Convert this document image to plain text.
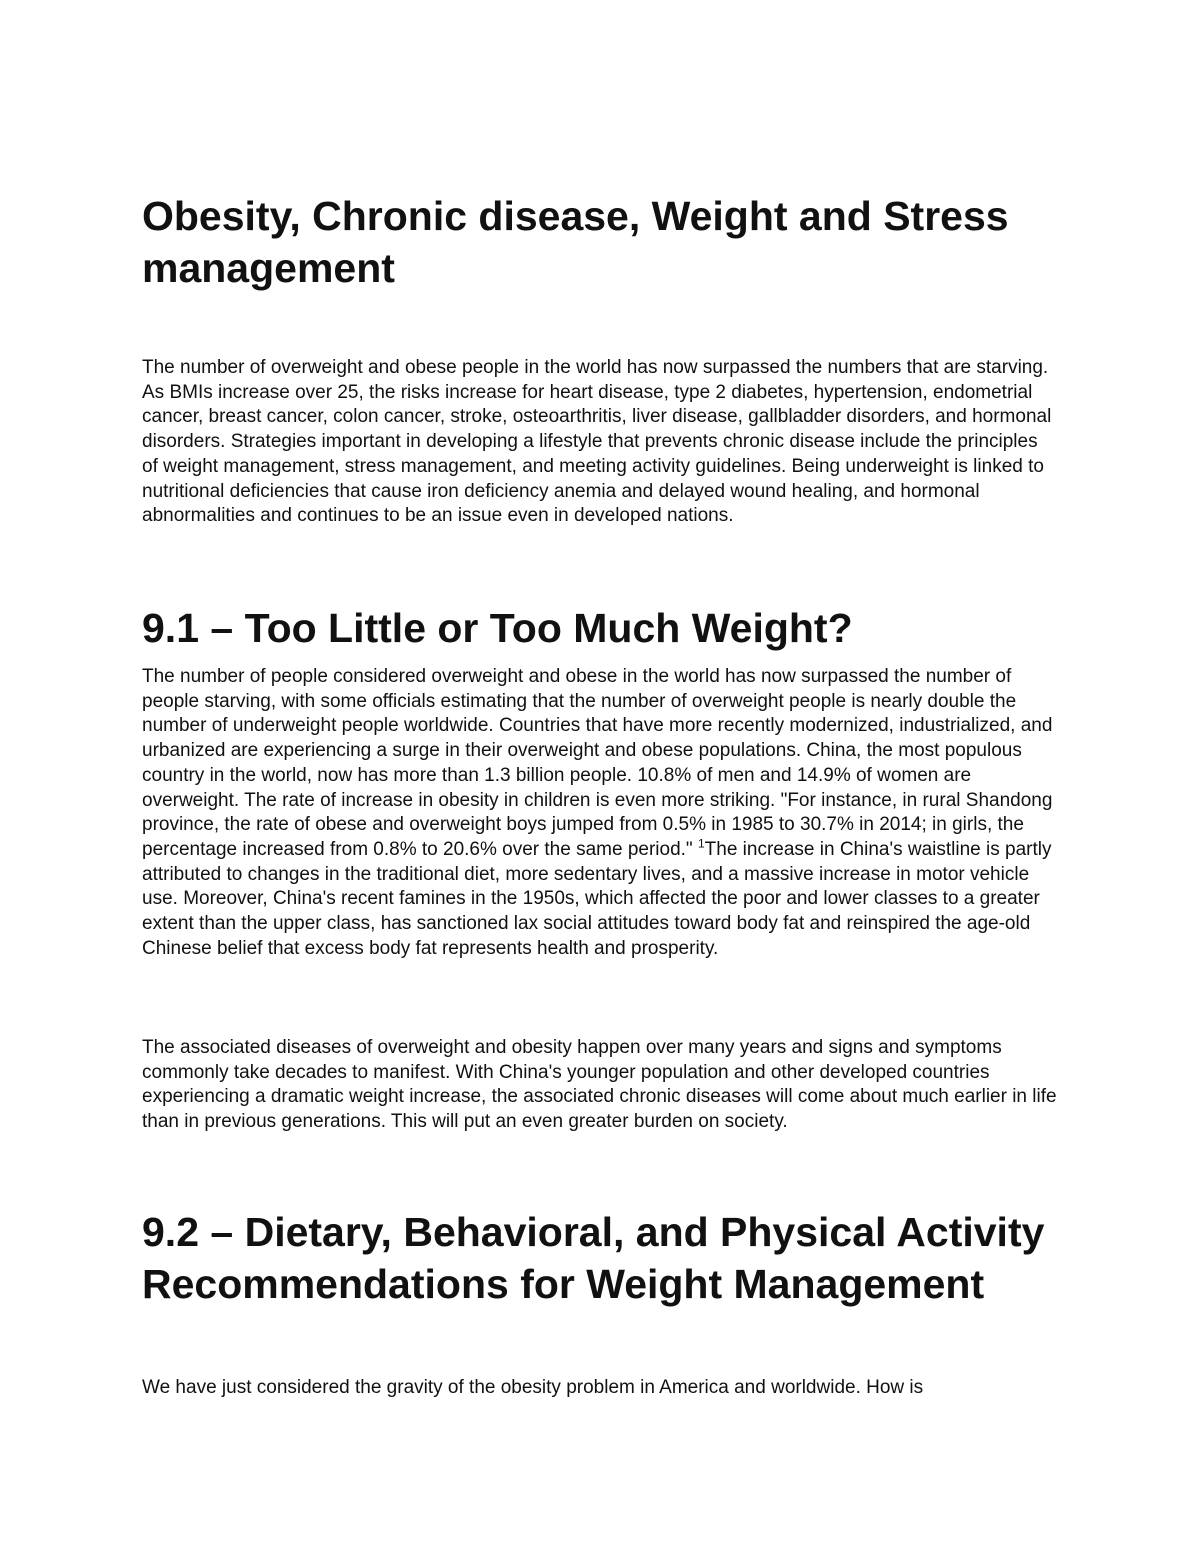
Obesity, Chronic disease, Weight and Stress management

The number of overweight and obese people in the world has now surpassed the numbers that are starving. As BMIs increase over 25, the risks increase for heart disease, type 2 diabetes, hypertension, endometrial cancer, breast cancer, colon cancer, stroke, osteoarthritis, liver disease, gallbladder disorders, and hormonal disorders. Strategies important in developing a lifestyle that prevents chronic disease include the principles of weight management, stress management, and meeting activity guidelines. Being underweight is linked to nutritional deficiencies that cause iron deficiency anemia and delayed wound healing, and hormonal abnormalities and continues to be an issue even in developed nations.

9.1 – Too Little or Too Much Weight?

The number of people considered overweight and obese in the world has now surpassed the number of people starving, with some officials estimating that the number of overweight people is nearly double the number of underweight people worldwide. Countries that have more recently modernized, industrialized, and urbanized are experiencing a surge in their overweight and obese populations. China, the most populous country in the world, now has more than 1.3 billion people. 10.8% of men and 14.9% of women are overweight. The rate of increase in obesity in children is even more striking. "For instance, in rural Shandong province, the rate of obese and overweight boys jumped from 0.5% in 1985 to 30.7% in 2014; in girls, the percentage increased from 0.8% to 20.6% over the same period." $^1$The increase in China's waistline is partly attributed to changes in the traditional diet, more sedentary lives, and a massive increase in motor vehicle use. Moreover, China's recent famines in the 1950s, which affected the poor and lower classes to a greater extent than the upper class, has sanctioned lax social attitudes toward body fat and reinspired the age-old Chinese belief that excess body fat represents health and prosperity.

The associated diseases of overweight and obesity happen over many years and signs and symptoms commonly take decades to manifest. With China's younger population and other developed countries experiencing a dramatic weight increase, the associated chronic diseases will come about much earlier in life than in previous generations. This will put an even greater burden on society.

9.2 – Dietary, Behavioral, and Physical Activity Recommendations for Weight Management

We have just considered the gravity of the obesity problem in America and worldwide. How is
